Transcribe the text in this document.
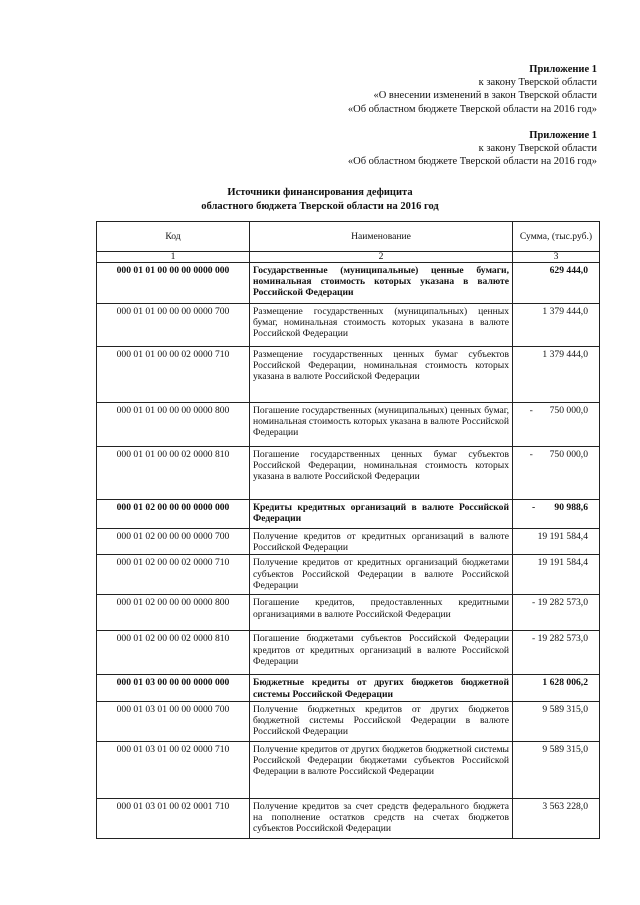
Приложение 1
к закону Тверской области
«О внесении изменений в закон Тверской области
«Об областном бюджете Тверской области на 2016 год»
Приложение 1
к закону Тверской области
«Об областном бюджете Тверской области на 2016 год»
Источники финансирования дефицита
областного бюджета Тверской области на 2016 год
Код	Наименование	Сумма, (тыс.руб.)
1	2	3
000 01 01 00 00 00 0000 000	Государственные (муниципальные) ценные бумаги, номинальная стоимость которых указана в валюте Российской Федерации	629 444,0
000 01 01 00 00 00 0000 700	Размещение государственных (муниципальных) ценных бумаг, номинальная стоимость которых указана в валюте Российской Федерации	1 379 444,0
000 01 01 00 00 02 0000 710	Размещение государственных ценных бумаг субъектов Российской Федерации, номинальная стоимость которых указана в валюте Российской Федерации	1 379 444,0
000 01 01 00 00 00 0000 800	Погашение государственных (муниципальных) ценных бумаг, номинальная стоимость которых указана в валюте Российской Федерации	-       750 000,0
000 01 01 00 00 02 0000 810	Погашение государственных ценных бумаг субъектов Российской Федерации, номинальная стоимость которых указана в валюте Российской Федерации	-       750 000,0
000 01 02 00 00 00 0000 000	Кредиты кредитных организаций в валюте Российской Федерации	-        90 988,6
000 01 02 00 00 00 0000 700	Получение кредитов от кредитных организаций в валюте Российской Федерации	19 191 584,4
000 01 02 00 00 02 0000 710	Получение кредитов от кредитных организаций бюджетами субъектов Российской Федерации в валюте Российской Федерации	19 191 584,4
000 01 02 00 00 00 0000 800	Погашение кредитов, предоставленных кредитными организациями в валюте Российской Федерации	- 19 282 573,0
000 01 02 00 00 02 0000 810	Погашение бюджетами субъектов Российской Федерации кредитов от кредитных организаций в валюте Российской Федерации	- 19 282 573,0
000 01 03 00 00 00 0000 000	Бюджетные кредиты от других бюджетов бюджетной системы Российской Федерации	1 628 006,2
000 01 03 01 00 00 0000 700	Получение бюджетных кредитов от других бюджетов бюджетной системы Российской Федерации в валюте Российской Федерации	9 589 315,0
000 01 03 01 00 02 0000 710	Получение кредитов от других бюджетов бюджетной системы Российской Федерации бюджетами субъектов Российской Федерации в валюте Российской Федерации	9 589 315,0
000 01 03 01 00 02 0001 710	Получение кредитов за счет средств федерального бюджета на пополнение остатков средств на счетах бюджетов субъектов Российской Федерации	3 563 228,0
